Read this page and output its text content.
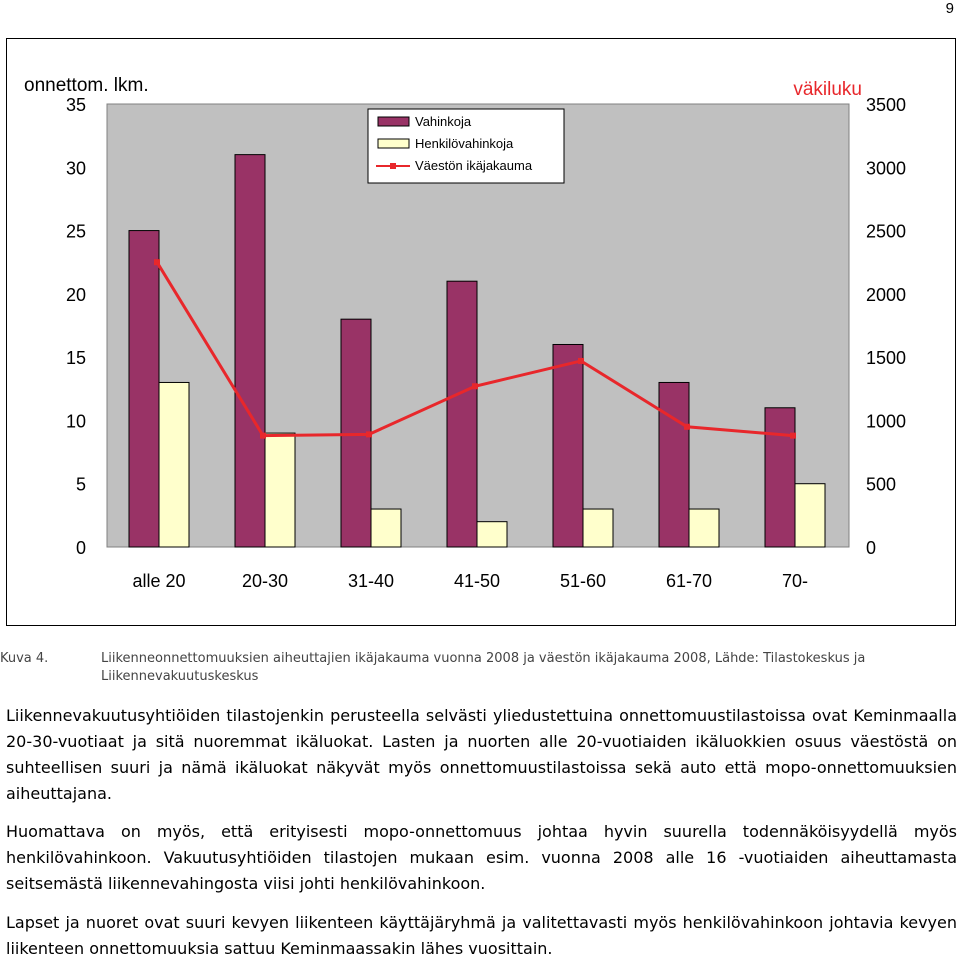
9
onnettom. lkm.	väkiluku
0
5
10
15
20
25
30
35
0
500
1000
1500
2000
2500
3000
3500
alle 20	20-30	31-40	41-50	51-60	61-70	70-
Vahinkoja
Henkilövahinkoja
Väestön ikäjakauma
Kuva 4.	Liikenneonnettomuuksien aiheuttajien ikäjakauma vuonna 2008 ja väestön ikäjakauma 2008, Lähde: Tilastokeskus ja Liikennevakuutuskeskus

Liikennevakuutusyhtiöiden tilastojenkin perusteella selvästi yliedustettuina onnettomuustilastoissa ovat Keminmaalla 20-30-vuotiaat ja sitä nuoremmat ikäluokat. Lasten ja nuorten alle 20-vuotiaiden ikäluokkien osuus väestöstä on suhteellisen suuri ja nämä ikäluokat näkyvät myös onnettomuustilastoissa sekä auto että mopo-onnettomuuksien aiheuttajana.

Huomattava on myös, että erityisesti mopo-onnettomuus johtaa hyvin suurella todennäköisyydellä myös henkilövahinkoon. Vakuutusyhtiöiden tilastojen mukaan esim. vuonna 2008 alle 16 -vuotiaiden aiheuttamasta seitsemästä liikennevahingosta viisi johti henkilövahinkoon.

Lapset ja nuoret ovat suuri kevyen liikenteen käyttäjäryhmä ja valitettavasti myös henkilövahinkoon johtavia kevyen liikenteen onnettomuuksia sattuu Keminmaassakin lähes vuosittain.
